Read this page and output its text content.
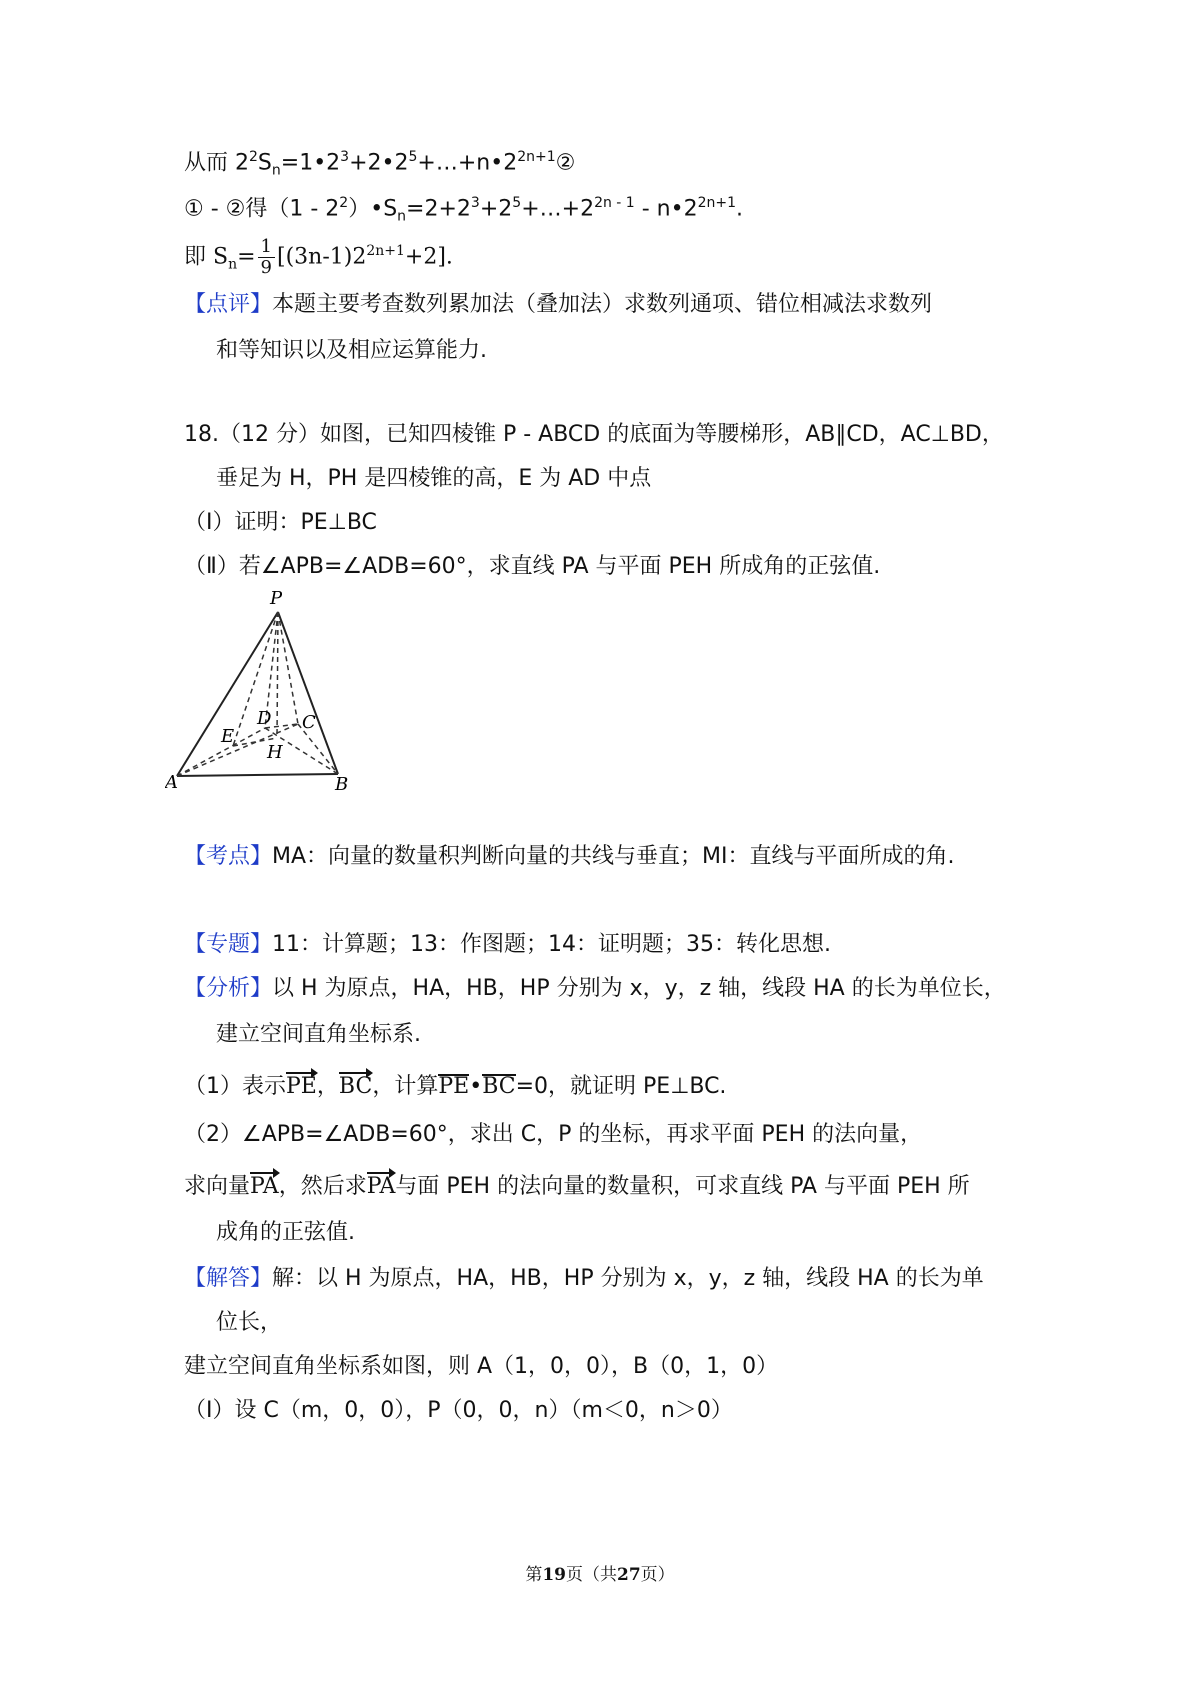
从而 $2^2S_n=1•2^3+2•2^5+\dots+n•2^{2n+1}②$
① - ②得$(1 - 2^2)•S_n=2+2^3+2^5+\dots+2^{2n - 1}$ - $n•2^{2n+1}$.
即 $S_n= \frac{1}{9} [(3n-1)2^{2n+1}+2]$.
【点评】本题主要考查数列累加法（叠加法）求数列通项、错位相减法求数列
和等知识以及相应运算能力.
18.（12 分）如图，已知四棱锥 P - ABCD 的底面为等腰梯形，AB∥CD，AC⊥BD，
垂足为 H，PH 是四棱锥的高，E 为 AD 中点
（Ⅰ）证明：PE⊥BC
（Ⅱ）若∠APB=∠ADB=60°，求直线 PA 与平面 PEH 所成角的正弦值.
P
A	B
C
D
E
H
【考点】MA：向量的数量积判断向量的共线与垂直；MI：直线与平面所成的角.
【专题】11：计算题；13：作图题；14：证明题；35：转化思想.
【分析】以 H 为原点，HA，HB，HP 分别为 x，y，z 轴，线段 HA 的长为单位长，
建立空间直角坐标系.
（1）表示PE，BC，计算PE•BC=0，就证明 PE⊥BC.
（2）∠APB=∠ADB=60°，求出 C，P 的坐标，再求平面 PEH 的法向量，
求向量PA，然后求PA与面 PEH 的法向量的数量积，可求直线 PA 与平面 PEH 所
成角的正弦值.
【解答】解：以 H 为原点，HA，HB，HP 分别为 x，y，z 轴，线段 HA 的长为单
位长，
建立空间直角坐标系如图，则 A（1，0，0），B（0，1，0）
（Ⅰ）设 C（m，0，0），P（0，0，n）（m＜0，n＞0）
第19页（共27页）
